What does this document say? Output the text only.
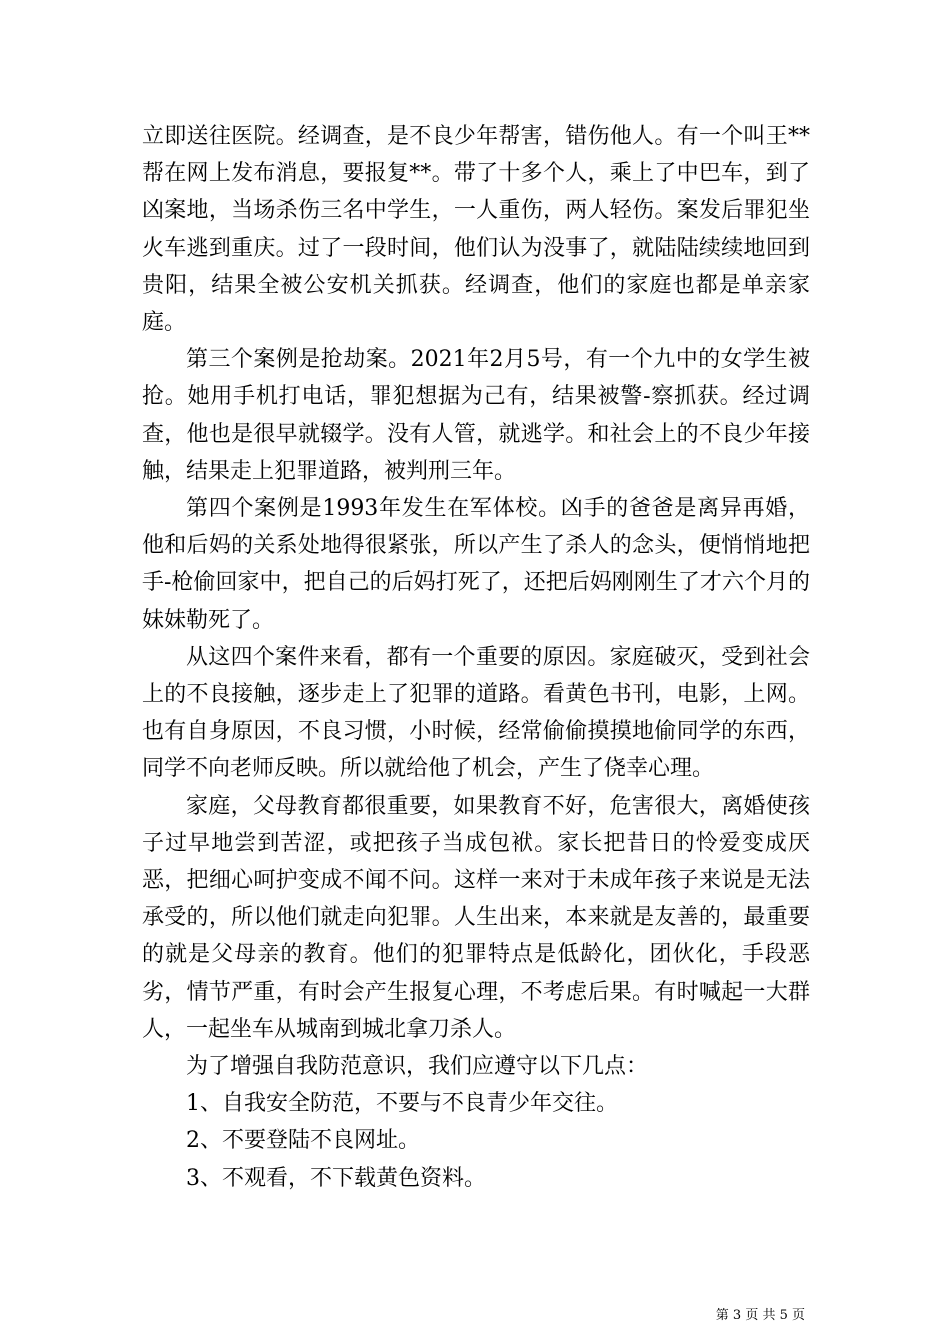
立即送往医院。经调查，是不良少年帮害，错伤他人。有一个叫王**帮在网上发布消息，要报复**。带了十多个人，乘上了中巴车，到了凶案地，当场杀伤三名中学生，一人重伤，两人轻伤。案发后罪犯坐火车逃到重庆。过了一段时间，他们认为没事了，就陆陆续续地回到贵阳，结果全被公安机关抓获。经调查，他们的家庭也都是单亲家庭。

第三个案例是抢劫案。2021年2月5号，有一个九中的女学生被抢。她用手机打电话，罪犯想据为己有，结果被警-察抓获。经过调查，他也是很早就辍学。没有人管，就逃学。和社会上的不良少年接触，结果走上犯罪道路，被判刑三年。

第四个案例是1993年发生在军体校。凶手的爸爸是离异再婚，他和后妈的关系处地得很紧张，所以产生了杀人的念头，便悄悄地把手-枪偷回家中，把自己的后妈打死了，还把后妈刚刚生了才六个月的妹妹勒死了。

从这四个案件来看，都有一个重要的原因。家庭破灭，受到社会上的不良接触，逐步走上了犯罪的道路。看黄色书刊，电影，上网。也有自身原因，不良习惯，小时候，经常偷偷摸摸地偷同学的东西，同学不向老师反映。所以就给他了机会，产生了侥幸心理。

家庭，父母教育都很重要，如果教育不好，危害很大，离婚使孩子过早地尝到苦涩，或把孩子当成包袱。家长把昔日的怜爱变成厌恶，把细心呵护变成不闻不问。这样一来对于未成年孩子来说是无法承受的，所以他们就走向犯罪。人生出来，本来就是友善的，最重要的就是父母亲的教育。他们的犯罪特点是低龄化，团伙化，手段恶劣，情节严重，有时会产生报复心理，不考虑后果。有时喊起一大群人，一起坐车从城南到城北拿刀杀人。

为了增强自我防范意识，我们应遵守以下几点：

1、自我安全防范，不要与不良青少年交往。

2、不要登陆不良网址。

3、不观看，不下载黄色资料。

第 3 页 共 5 页
